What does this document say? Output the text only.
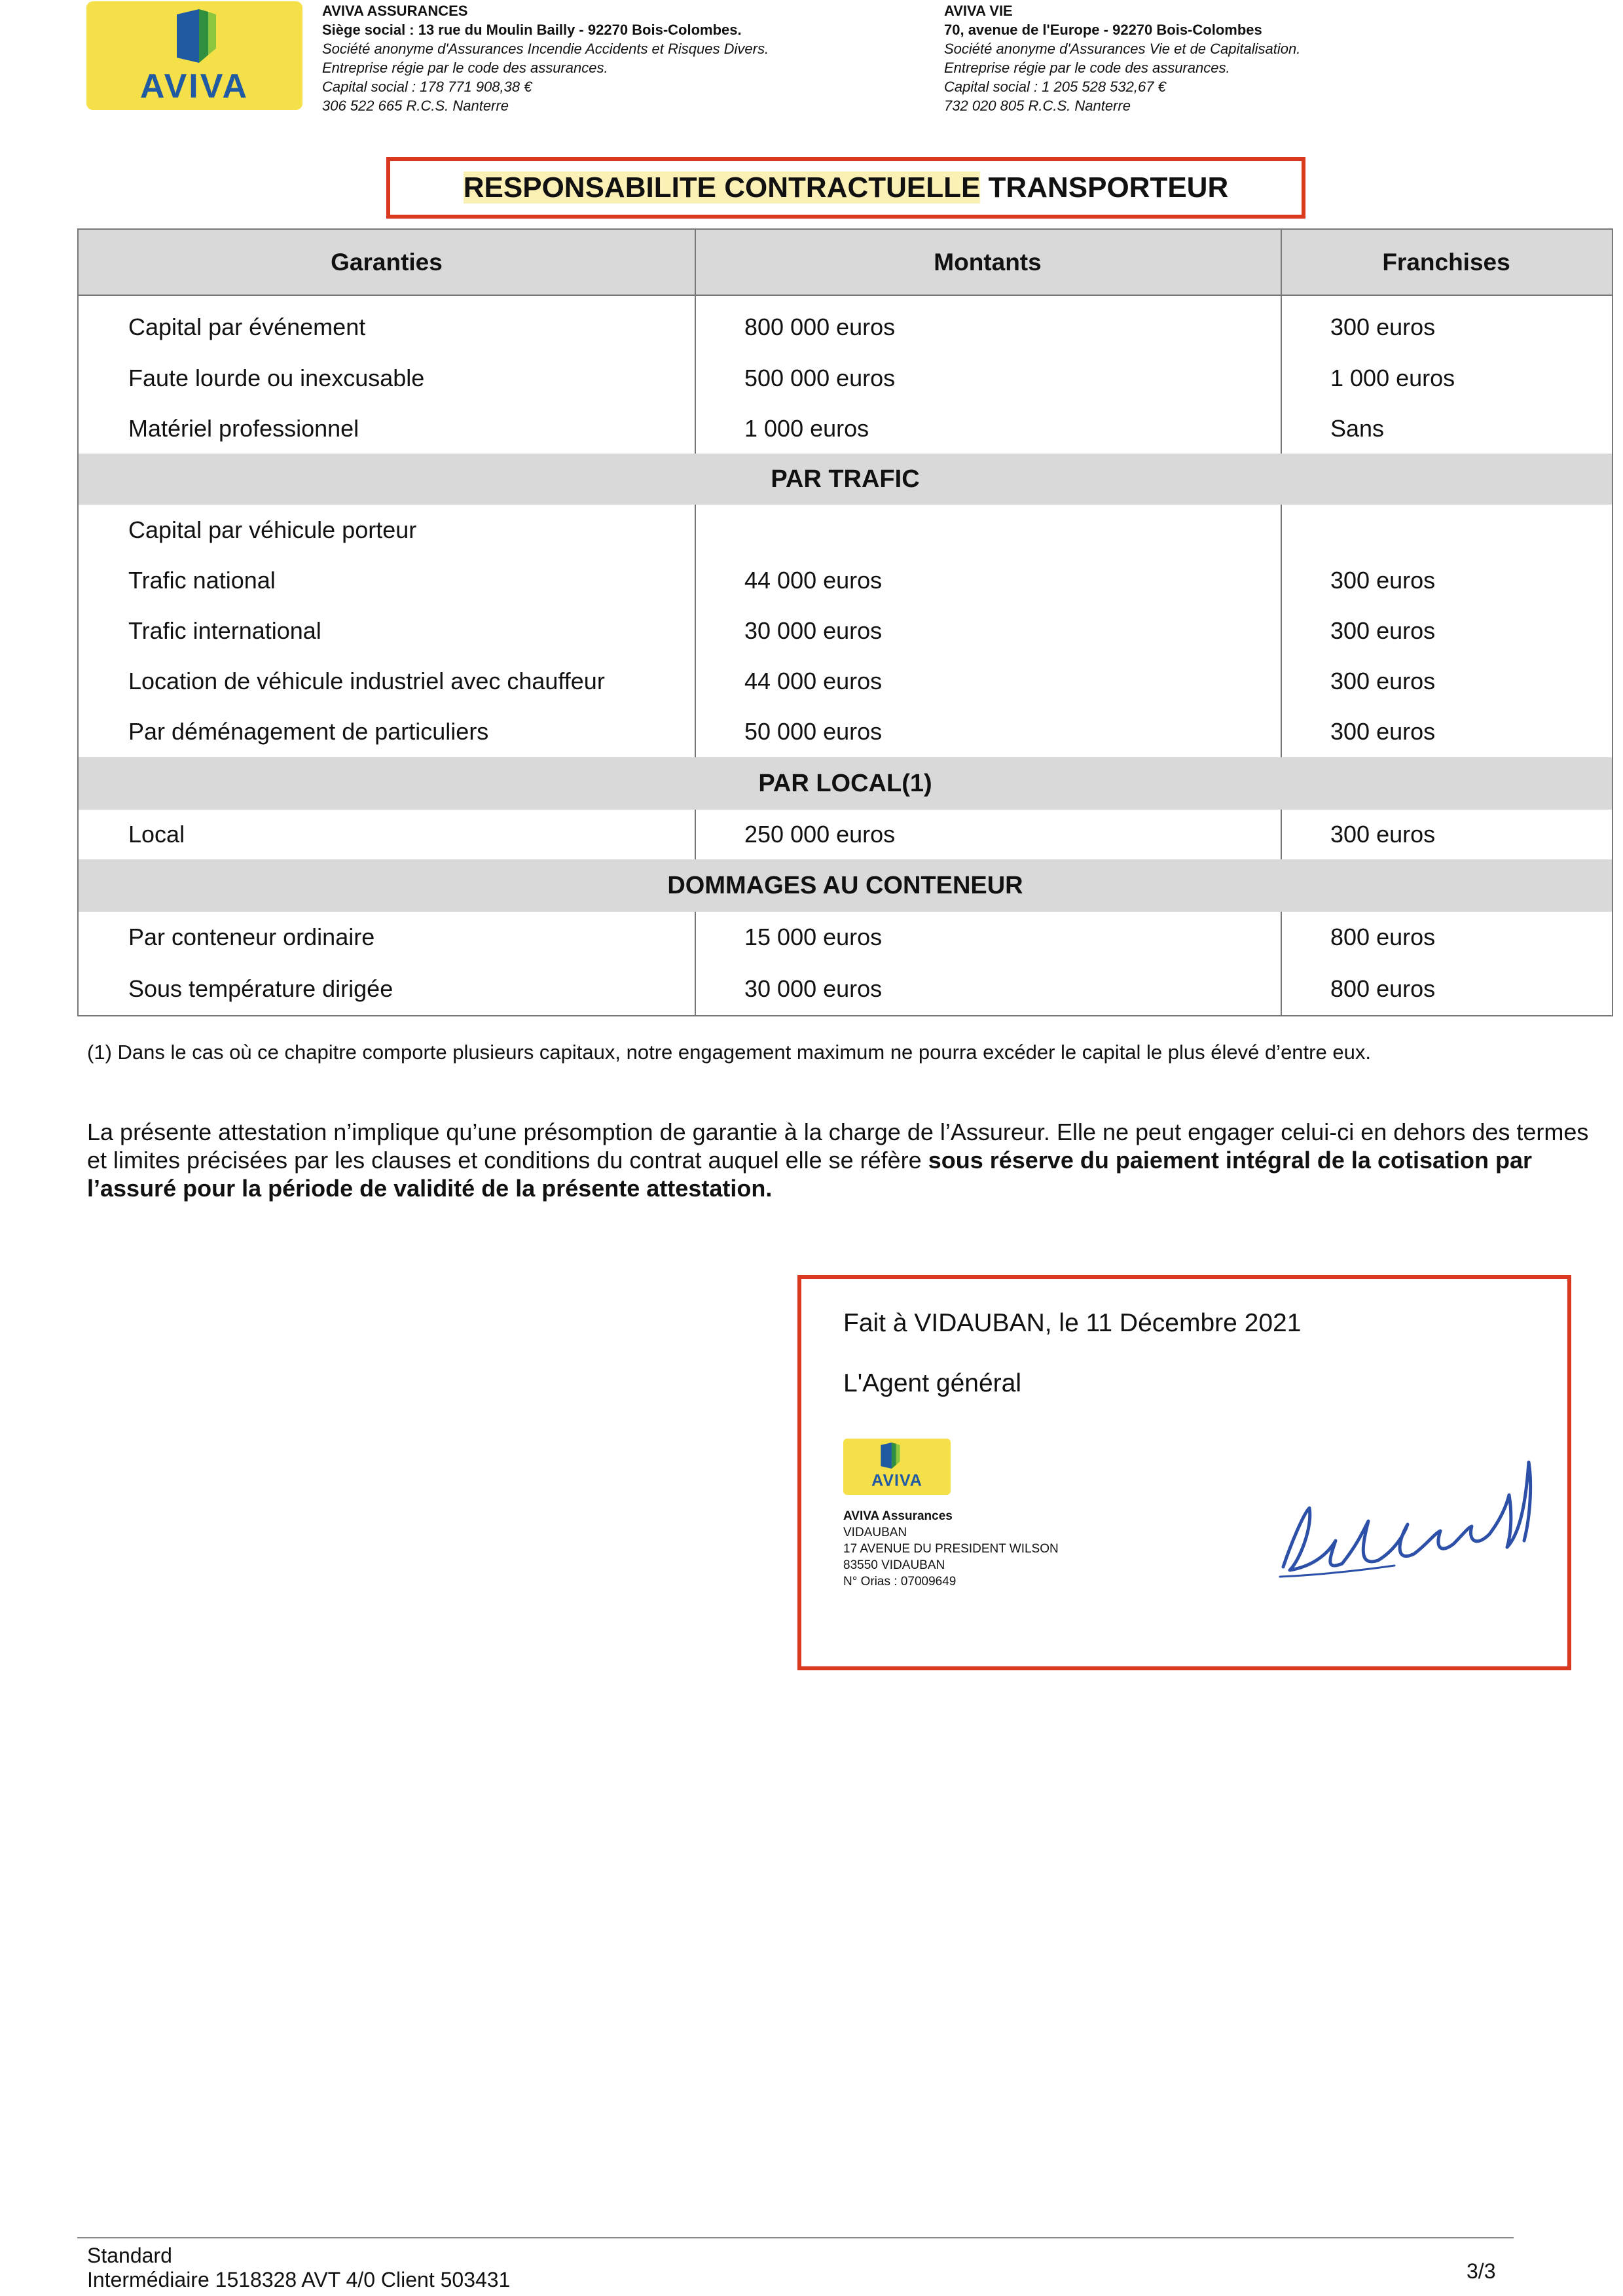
AVIVA
AVIVA ASSURANCES
Siège social : 13 rue du Moulin Bailly - 92270 Bois-Colombes.
Société anonyme d'Assurances Incendie Accidents et Risques Divers.
Entreprise régie par le code des assurances.
Capital social : 178 771 908,38 €
306 522 665 R.C.S. Nanterre
AVIVA VIE
70, avenue de l'Europe - 92270 Bois-Colombes
Société anonyme d'Assurances Vie et de Capitalisation.
Entreprise régie par le code des assurances.
Capital social : 1 205 528 532,67 €
732 020 805 R.C.S. Nanterre
RESPONSABILITE CONTRACTUELLE TRANSPORTEUR
Garanties	Montants	Franchises
Capital par événement	800 000 euros	300 euros
Faute lourde ou inexcusable	500 000 euros	1 000 euros
Matériel professionnel	1 000 euros	Sans
PAR TRAFIC
Capital par véhicule porteur
Trafic national	44 000 euros	300 euros
Trafic international	30 000 euros	300 euros
Location de véhicule industriel avec chauffeur	44 000 euros	300 euros
Par déménagement de particuliers	50 000 euros	300 euros
PAR LOCAL(1)
Local	250 000 euros	300 euros
DOMMAGES AU CONTENEUR
Par conteneur ordinaire	15 000 euros	800 euros
Sous température dirigée	30 000 euros	800 euros
(1) Dans le cas où ce chapitre comporte plusieurs capitaux, notre engagement maximum ne pourra excéder le capital le plus élevé d’entre eux.
La présente attestation n’implique qu’une présomption de garantie à la charge de l’Assureur. Elle ne peut engager celui-ci en dehors des termes et limites précisées par les clauses et conditions du contrat auquel elle se réfère sous réserve du paiement intégral de la cotisation par l’assuré pour la période de validité de la présente attestation.
Fait à VIDAUBAN, le 11 Décembre 2021
L'Agent général
AVIVA
AVIVA Assurances
VIDAUBAN
17 AVENUE DU PRESIDENT WILSON
83550 VIDAUBAN
N° Orias : 07009649
Standard
Intermédiaire 1518328 AVT 4/0 Client 503431	3/3
